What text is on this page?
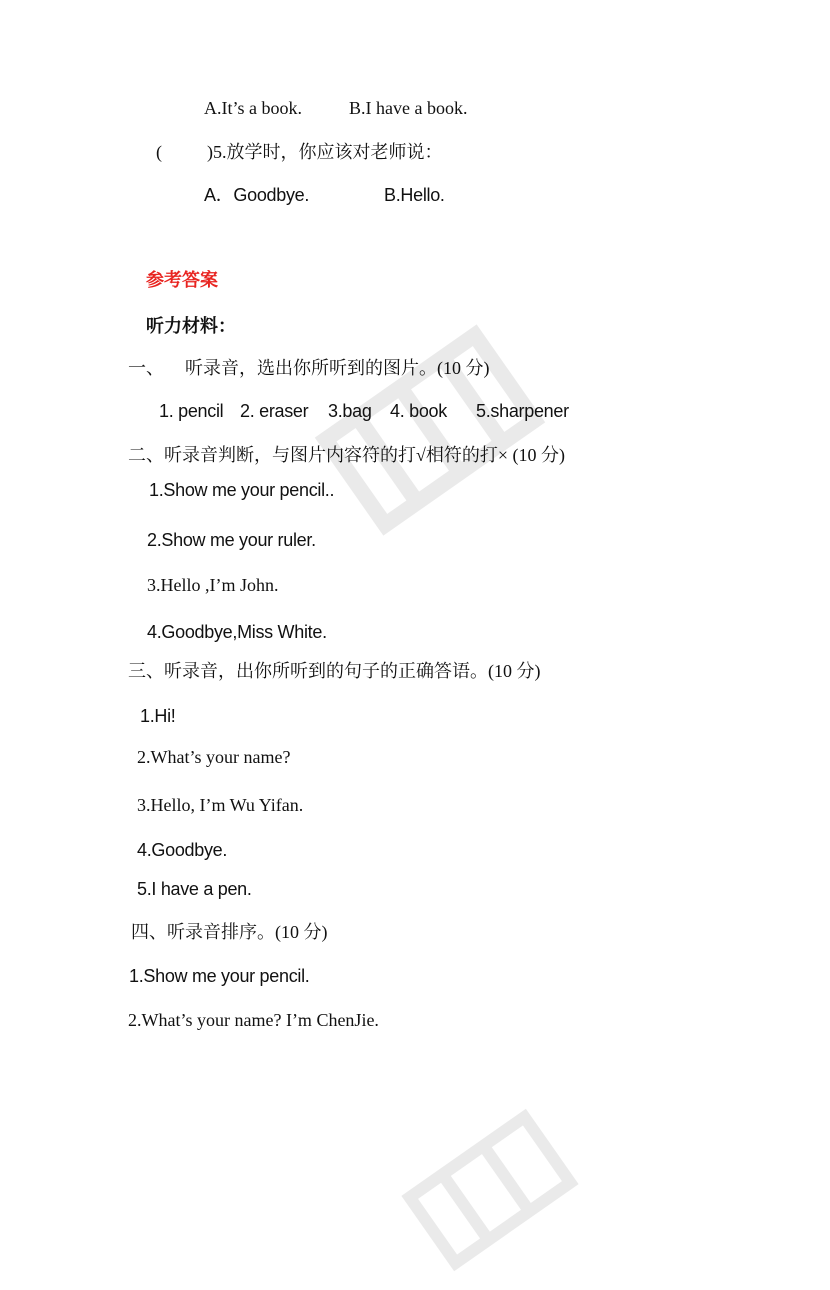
A.It’s a book.	B.I have a book.
(	)5.放学时，你应该对老师说：
A．Goodbye.	B.Hello.
参考答案
听力材料：
一、 听录音，选出你所听到的图片。(10 分)
1. pencil 2. eraser 3.bag 4. book 5.sharpener
二、听录音判断，与图片内容符的打√相符的打× (10 分)
1.Show me your pencil..
2.Show me your ruler.
3.Hello ,I’m John.
4.Goodbye,Miss White.
三、听录音，出你所听到的句子的正确答语。(10 分)
1.Hi!
2.What’s your name?
3.Hello, I’m Wu Yifan.
4.Goodbye.
5.I have a pen.
四、听录音排序。(10 分)
1.Show me your pencil.
2.What’s your name? I’m ChenJie.
